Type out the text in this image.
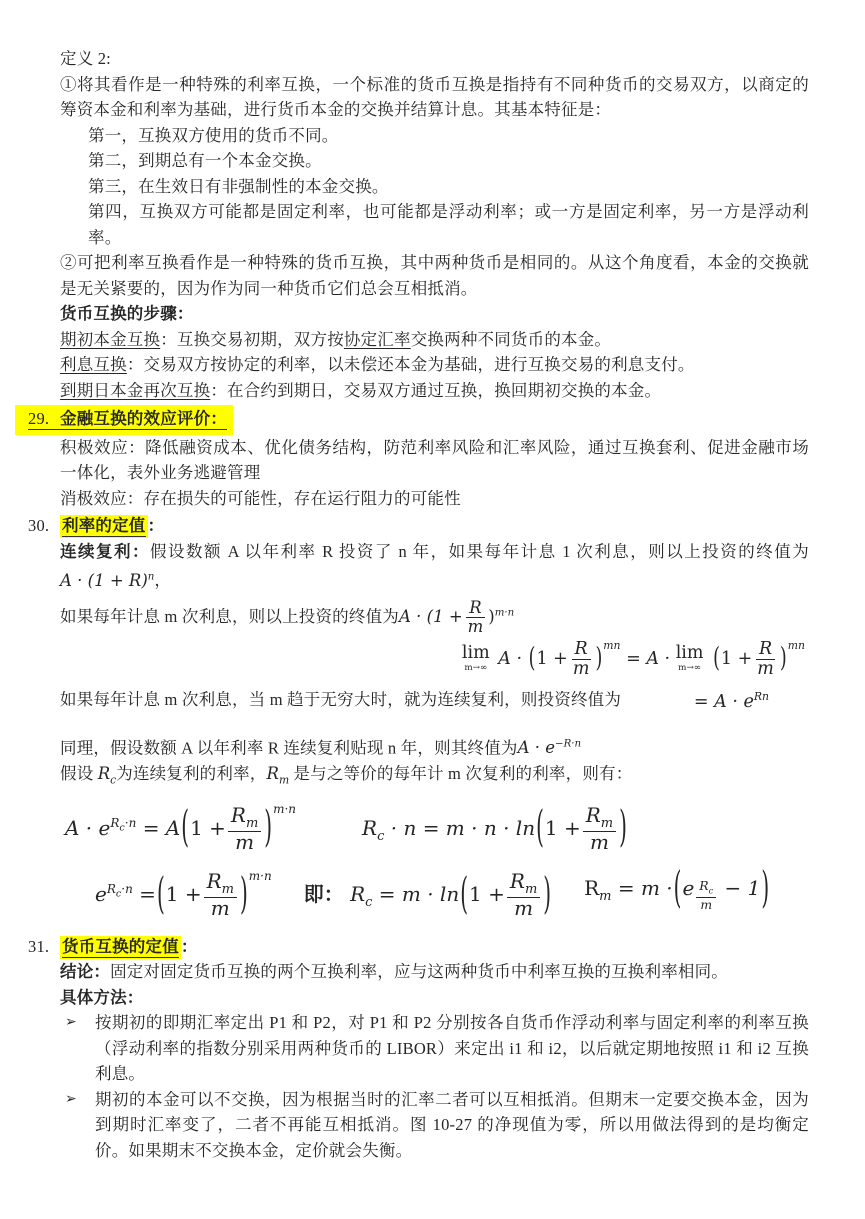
定义 2:

①将其看作是一种特殊的利率互换，一个标准的货币互换是指持有不同种货币的交易双方，以商定的筹资本金和利率为基础，进行货币本金的交换并结算计息。其基本特征是：

第一，互换双方使用的货币不同。

第二，到期总有一个本金交换。

第三，在生效日有非强制性的本金交换。

第四，互换双方可能都是固定利率，也可能都是浮动利率；或一方是固定利率，另一方是浮动利率。

②可把利率互换看作是一种特殊的货币互换，其中两种货币是相同的。从这个角度看，本金的交换就是无关紧要的，因为作为同一种货币它们总会互相抵消。

货币互换的步骤：

期初本金互换：互换交易初期，双方按协定汇率交换两种不同货币的本金。

利息互换：交易双方按协定的利率，以未偿还本金为基础，进行互换交易的利息支付。

到期日本金再次互换：在合约到期日，交易双方通过互换，换回期初交换的本金。

29. 金融互换的效应评价：

积极效应：降低融资成本、优化债务结构，防范利率风险和汇率风险，通过互换套利、促进金融市场一体化，表外业务逃避管理

消极效应：存在损失的可能性，存在运行阻力的可能性

30. 利率的定值 ：

连续复利：假设数额 A 以年利率 R 投资了 n 年，如果每年计息 1 次利息，则以上投资的终值为$A \cdot (1 + R)^n$，

如果每年计息 m 次利息，则以上投资的终值为$A \cdot (1 + \frac{R}{m} )^{m\cdot n}$

lim
m→∞ $A \cdot (1 + \frac{R}{m} )^{mn} = A \cdot \lim$
m→∞ $(1 + \frac{R}{m} )^{mn}$
如果每年计息 m 次利息，当 m 趋于无穷大时，就为连续复利，则投资终值为	= $A \cdot e^{Rn}$

同理，假设数额 A 以年利率 R 连续复利贴现 n 年，则其终值为$A \cdot e^{-R\cdot n}$

假设 $R_c$为连续复利的利率，$R_m$ 是与之等价的每年计 m 次复利的利率，则有：

$A \cdot e^{R_c\cdot n} = A(1 + \frac{R_m}{m} )^{m\cdot n}$
$R_c \cdot n = m \cdot n \cdot \ln(1 + \frac{R_m}{m}$ )
$e^{R_c\cdot n} =(1 + \frac{R_m}{m} )^{m\cdot n}$
即： $R_c = m \cdot \ln(1 + \frac{R_m}{m}$ ) $R_m = m \cdot(e \frac{R_c}{m} - 1)$
31. 货币互换的定值 ：

结论：固定对固定货币互换的两个互换利率，应与这两种货币中利率互换的互换利率相同。

具体方法：

➢	按期初的即期汇率定出 P1 和 P2，对 P1 和 P2 分别按各自货币作浮动利率与固定利率的利率互换（浮动利率的指数分别采用两种货币的 LIBOR）来定出 i1 和 i2，以后就定期地按照 i1 和 i2 互换利息。
➢	期初的本金可以不交换，因为根据当时的汇率二者可以互相抵消。但期末一定要交换本金，因为到期时汇率变了，二者不再能互相抵消。图 10-27 的净现值为零，所以用做法得到的是均衡定价。如果期末不交换本金，定价就会失衡。
